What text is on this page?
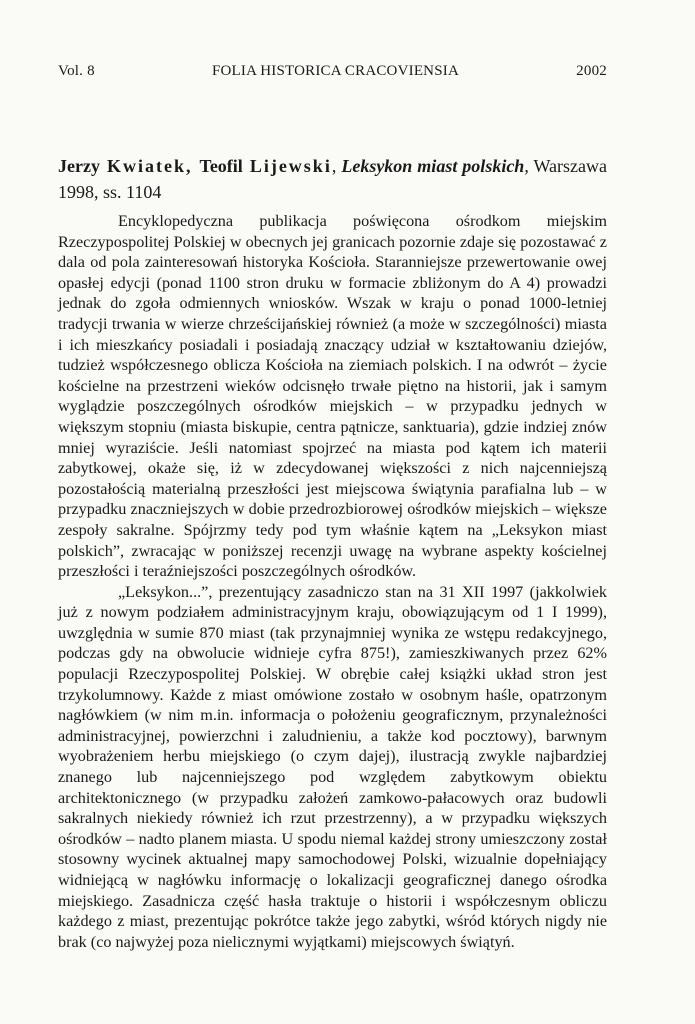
Vol. 8	FOLIA HISTORICA CRACOVIENSIA	2002
Jerzy Kwiatek, Teofil Lijewski, Leksykon miast polskich, Warszawa 1998, ss. 1104

Encyklopedyczna publikacja poświęcona ośrodkom miejskim Rzeczypospolitej Polskiej w obecnych jej granicach pozornie zdaje się pozostawać z dala od pola zainteresowań historyka Kościoła. Staranniejsze przewertowanie owej opasłej edycji (ponad 1100 stron druku w formacie zbliżonym do A 4) prowadzi jednak do zgoła odmiennych wniosków. Wszak w kraju o ponad 1000-letniej tradycji trwania w wierze chrześcijańskiej również (a może w szczególności) miasta i ich mieszkańcy posiadali i posiadają znaczący udział w kształtowaniu dziejów, tudzież współczesnego oblicza Kościoła na ziemiach polskich. I na odwrót – życie kościelne na przestrzeni wieków odcisnęło trwałe piętno na historii, jak i samym wyglądzie poszczególnych ośrodków miejskich – w przypadku jednych w większym stopniu (miasta biskupie, centra pątnicze, sanktuaria), gdzie indziej znów mniej wyraziście. Jeśli natomiast spojrzeć na miasta pod kątem ich materii zabytkowej, okaże się, iż w zdecydowanej większości z nich najcenniejszą pozostałością materialną przeszłości jest miejscowa świątynia parafialna lub – w przypadku znaczniejszych w dobie przedrozbiorowej ośrodków miejskich – większe zespoły sakralne. Spójrzmy tedy pod tym właśnie kątem na „Leksykon miast polskich”, zwracając w poniższej recenzji uwagę na wybrane aspekty kościelnej przeszłości i teraźniejszości poszczególnych ośrodków.

„Leksykon...”, prezentujący zasadniczo stan na 31 XII 1997 (jakkolwiek już z nowym podziałem administracyjnym kraju, obowiązującym od 1 I 1999), uwzględnia w sumie 870 miast (tak przynajmniej wynika ze wstępu redakcyjnego, podczas gdy na obwolucie widnieje cyfra 875!), zamieszkiwanych przez 62% populacji Rzeczypospolitej Polskiej. W obrębie całej książki układ stron jest trzykolumnowy. Każde z miast omówione zostało w osobnym haśle, opatrzonym nagłówkiem (w nim m.in. informacja o położeniu geograficznym, przynależności administracyjnej, powierzchni i zaludnieniu, a także kod pocztowy), barwnym wyobrażeniem herbu miejskiego (o czym dajej), ilustracją zwykle najbardziej znanego lub najcenniejszego pod względem zabytkowym obiektu architektonicznego (w przypadku założeń zamkowo-pałacowych oraz budowli sakralnych niekiedy również ich rzut przestrzenny), a w przypadku większych ośrodków – nadto planem miasta. U spodu niemal każdej strony umieszczony został stosowny wycinek aktualnej mapy samochodowej Polski, wizualnie dopełniający widniejącą w nagłówku informację o lokalizacji geograficznej danego ośrodka miejskiego. Zasadnicza część hasła traktuje o historii i współczesnym obliczu każdego z miast, prezentując pokrótce także jego zabytki, wśród których nigdy nie brak (co najwyżej poza nielicznymi wyjątkami) miejscowych świątyń.
